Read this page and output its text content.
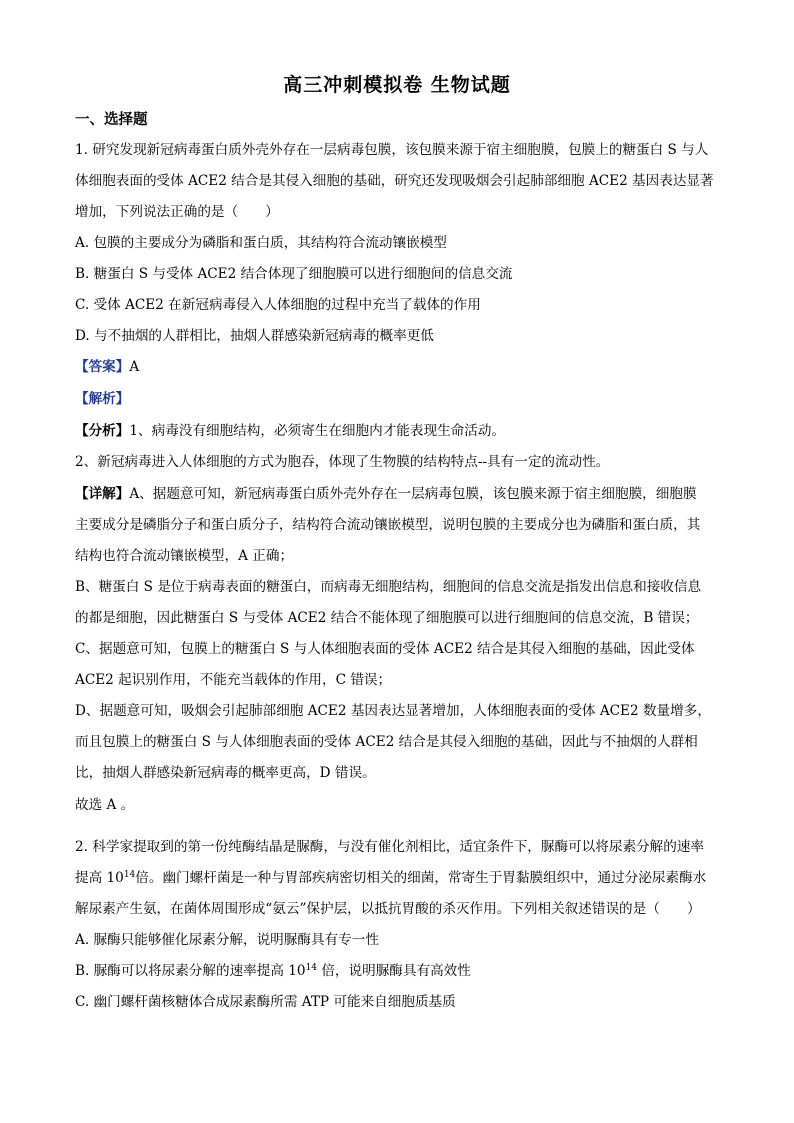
高三冲刺模拟卷 生物试题
一、选择题
1. 研究发现新冠病毒蛋白质外壳外存在一层病毒包膜，该包膜来源于宿主细胞膜，包膜上的糖蛋白 S 与人
体细胞表面的受体 ACE2 结合是其侵入细胞的基础，研究还发现吸烟会引起肺部细胞 ACE2 基因表达显著
增加，下列说法正确的是（　　）
A. 包膜的主要成分为磷脂和蛋白质，其结构符合流动镶嵌模型
B. 糖蛋白 S 与受体 ACE2 结合体现了细胞膜可以进行细胞间的信息交流
C. 受体 ACE2 在新冠病毒侵入人体细胞的过程中充当了载体的作用
D. 与不抽烟的人群相比，抽烟人群感染新冠病毒的概率更低
【答案】A
【解析】
【分析】1、病毒没有细胞结构，必须寄生在细胞内才能表现生命活动。
2、新冠病毒进入人体细胞的方式为胞吞，体现了生物膜的结构特点--具有一定的流动性。
【详解】A、据题意可知，新冠病毒蛋白质外壳外存在一层病毒包膜，该包膜来源于宿主细胞膜，细胞膜
主要成分是磷脂分子和蛋白质分子，结构符合流动镶嵌模型，说明包膜的主要成分也为磷脂和蛋白质，其
结构也符合流动镶嵌模型，A 正确；
B、糖蛋白 S 是位于病毒表面的糖蛋白，而病毒无细胞结构，细胞间的信息交流是指发出信息和接收信息
的都是细胞，因此糖蛋白 S 与受体 ACE2 结合不能体现了细胞膜可以进行细胞间的信息交流，B 错误；
C、据题意可知，包膜上的糖蛋白 S 与人体细胞表面的受体 ACE2 结合是其侵入细胞的基础，因此受体
ACE2 起识别作用，不能充当载体的作用，C 错误；
D、据题意可知，吸烟会引起肺部细胞 ACE2 基因表达显著增加，人体细胞表面的受体 ACE2 数量增多，
而且包膜上的糖蛋白 S 与人体细胞表面的受体 ACE2 结合是其侵入细胞的基础，因此与不抽烟的人群相
比，抽烟人群感染新冠病毒的概率更高，D 错误。
故选 A 。
2. 科学家提取到的第一份纯酶结晶是脲酶，与没有催化剂相比，适宜条件下，脲酶可以将尿素分解的速率
提高 $10^{14}$倍。幽门螺杆菌是一种与胃部疾病密切相关的细菌，常寄生于胃黏膜组织中，通过分泌尿素酶水
解尿素产生氨，在菌体周围形成“氨云”保护层，以抵抗胃酸的杀灭作用。下列相关叙述错误的是（　　）
A. 脲酶只能够催化尿素分解，说明脲酶具有专一性
B. 脲酶可以将尿素分解的速率提高 $10^{14}$ 倍，说明脲酶具有高效性
C. 幽门螺杆菌核糖体合成尿素酶所需 ATP 可能来自细胞质基质
